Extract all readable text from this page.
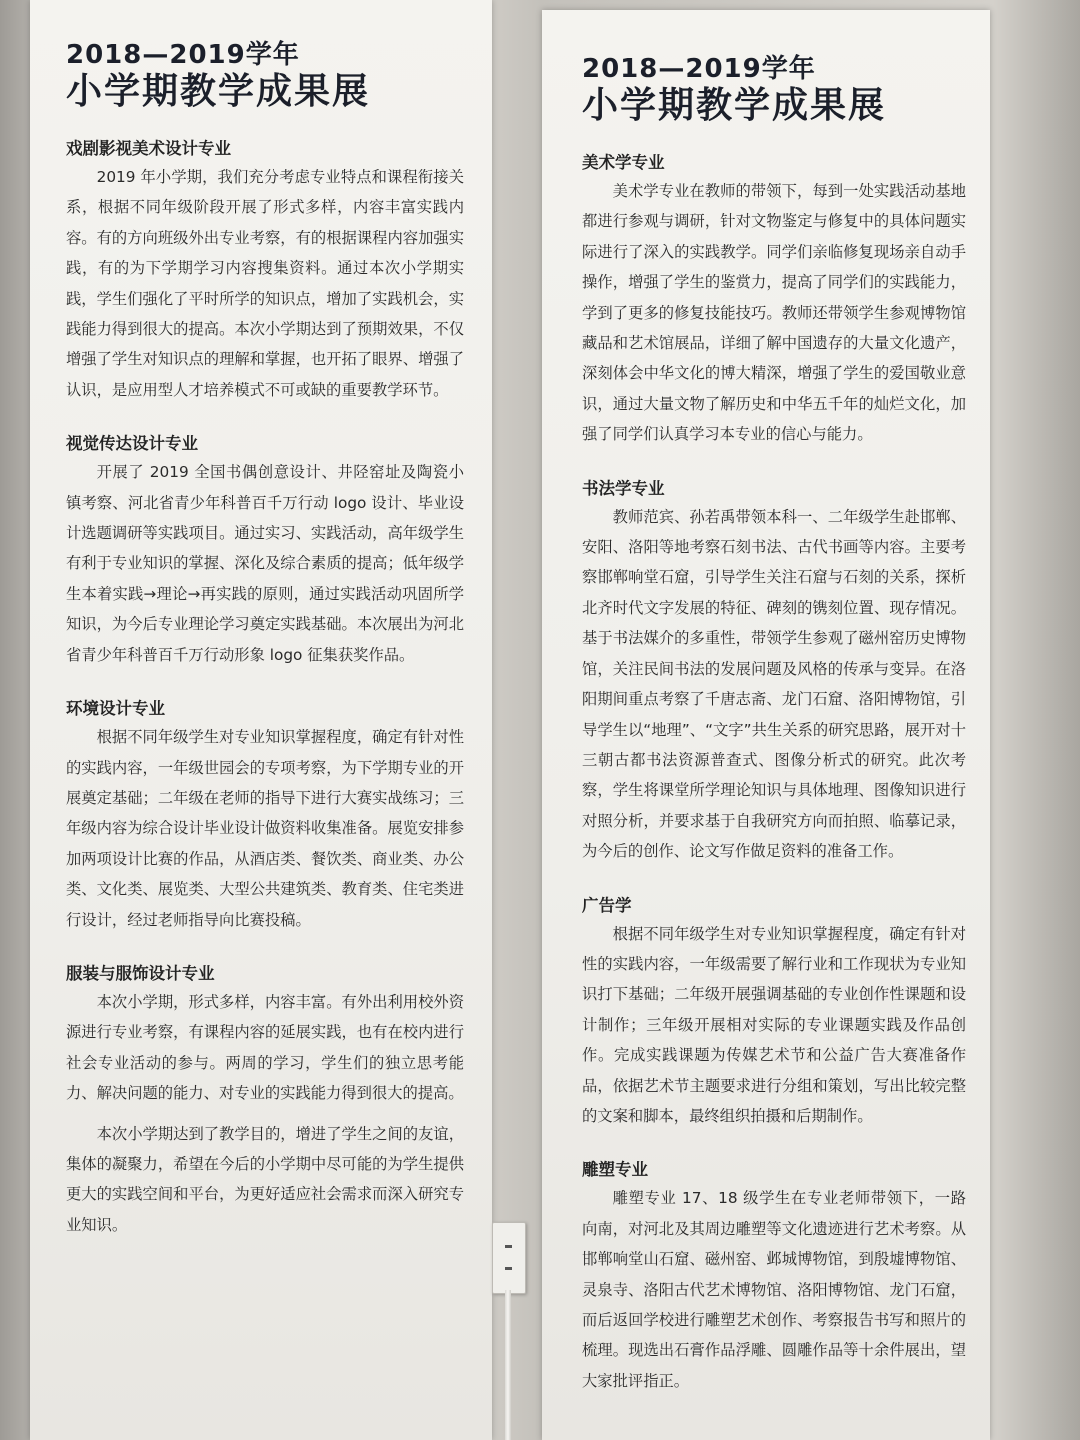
2018—2019学年
小学期教学成果展
戏剧影视美术设计专业

2019 年小学期，我们充分考虑专业特点和课程衔接关系，根据不同年级阶段开展了形式多样，内容丰富实践内容。有的方向班级外出专业考察，有的根据课程内容加强实践，有的为下学期学习内容搜集资料。通过本次小学期实践，学生们强化了平时所学的知识点，增加了实践机会，实践能力得到很大的提高。本次小学期达到了预期效果，不仅增强了学生对知识点的理解和掌握，也开拓了眼界、增强了认识，是应用型人才培养模式不可或缺的重要教学环节。

视觉传达设计专业

开展了 2019 全国书偶创意设计、井陉窑址及陶瓷小镇考察、河北省青少年科普百千万行动 logo 设计、毕业设计选题调研等实践项目。通过实习、实践活动，高年级学生有利于专业知识的掌握、深化及综合素质的提高；低年级学生本着实践→理论→再实践的原则，通过实践活动巩固所学知识，为今后专业理论学习奠定实践基础。本次展出为河北省青少年科普百千万行动形象 logo 征集获奖作品。

环境设计专业

根据不同年级学生对专业知识掌握程度，确定有针对性的实践内容，一年级世园会的专项考察，为下学期专业的开展奠定基础；二年级在老师的指导下进行大赛实战练习；三年级内容为综合设计毕业设计做资料收集准备。展览安排参加两项设计比赛的作品，从酒店类、餐饮类、商业类、办公类、文化类、展览类、大型公共建筑类、教育类、住宅类进行设计，经过老师指导向比赛投稿。

服装与服饰设计专业

本次小学期，形式多样，内容丰富。有外出利用校外资源进行专业考察，有课程内容的延展实践，也有在校内进行社会专业活动的参与。两周的学习，学生们的独立思考能力、解决问题的能力、对专业的实践能力得到很大的提高。

本次小学期达到了教学目的，增进了学生之间的友谊，集体的凝聚力，希望在今后的小学期中尽可能的为学生提供更大的实践空间和平台，为更好适应社会需求而深入研究专业知识。

2018—2019学年
小学期教学成果展
美术学专业

美术学专业在教师的带领下，每到一处实践活动基地都进行参观与调研，针对文物鉴定与修复中的具体问题实际进行了深入的实践教学。同学们亲临修复现场亲自动手操作，增强了学生的鉴赏力，提高了同学们的实践能力，学到了更多的修复技能技巧。教师还带领学生参观博物馆藏品和艺术馆展品，详细了解中国遗存的大量文化遗产，深刻体会中华文化的博大精深，增强了学生的爱国敬业意识，通过大量文物了解历史和中华五千年的灿烂文化，加强了同学们认真学习本专业的信心与能力。

书法学专业

教师范宾、孙若禹带领本科一、二年级学生赴邯郸、安阳、洛阳等地考察石刻书法、古代书画等内容。主要考察邯郸响堂石窟，引导学生关注石窟与石刻的关系，探析北齐时代文字发展的特征、碑刻的镌刻位置、现存情况。基于书法媒介的多重性，带领学生参观了磁州窑历史博物馆，关注民间书法的发展问题及风格的传承与变异。在洛阳期间重点考察了千唐志斋、龙门石窟、洛阳博物馆，引导学生以“地理”、“文字”共生关系的研究思路，展开对十三朝古都书法资源普查式、图像分析式的研究。此次考察，学生将课堂所学理论知识与具体地理、图像知识进行对照分析，并要求基于自我研究方向而拍照、临摹记录，为今后的创作、论文写作做足资料的准备工作。

广告学

根据不同年级学生对专业知识掌握程度，确定有针对性的实践内容，一年级需要了解行业和工作现状为专业知识打下基础；二年级开展强调基础的专业创作性课题和设计制作；三年级开展相对实际的专业课题实践及作品创作。完成实践课题为传媒艺术节和公益广告大赛准备作品，依据艺术节主题要求进行分组和策划，写出比较完整的文案和脚本，最终组织拍摄和后期制作。

雕塑专业

雕塑专业 17、18 级学生在专业老师带领下，一路向南，对河北及其周边雕塑等文化遗迹进行艺术考察。从邯郸响堂山石窟、磁州窑、邺城博物馆，到殷墟博物馆、灵泉寺、洛阳古代艺术博物馆、洛阳博物馆、龙门石窟，而后返回学校进行雕塑艺术创作、考察报告书写和照片的梳理。现选出石膏作品浮雕、圆雕作品等十余件展出，望大家批评指正。
